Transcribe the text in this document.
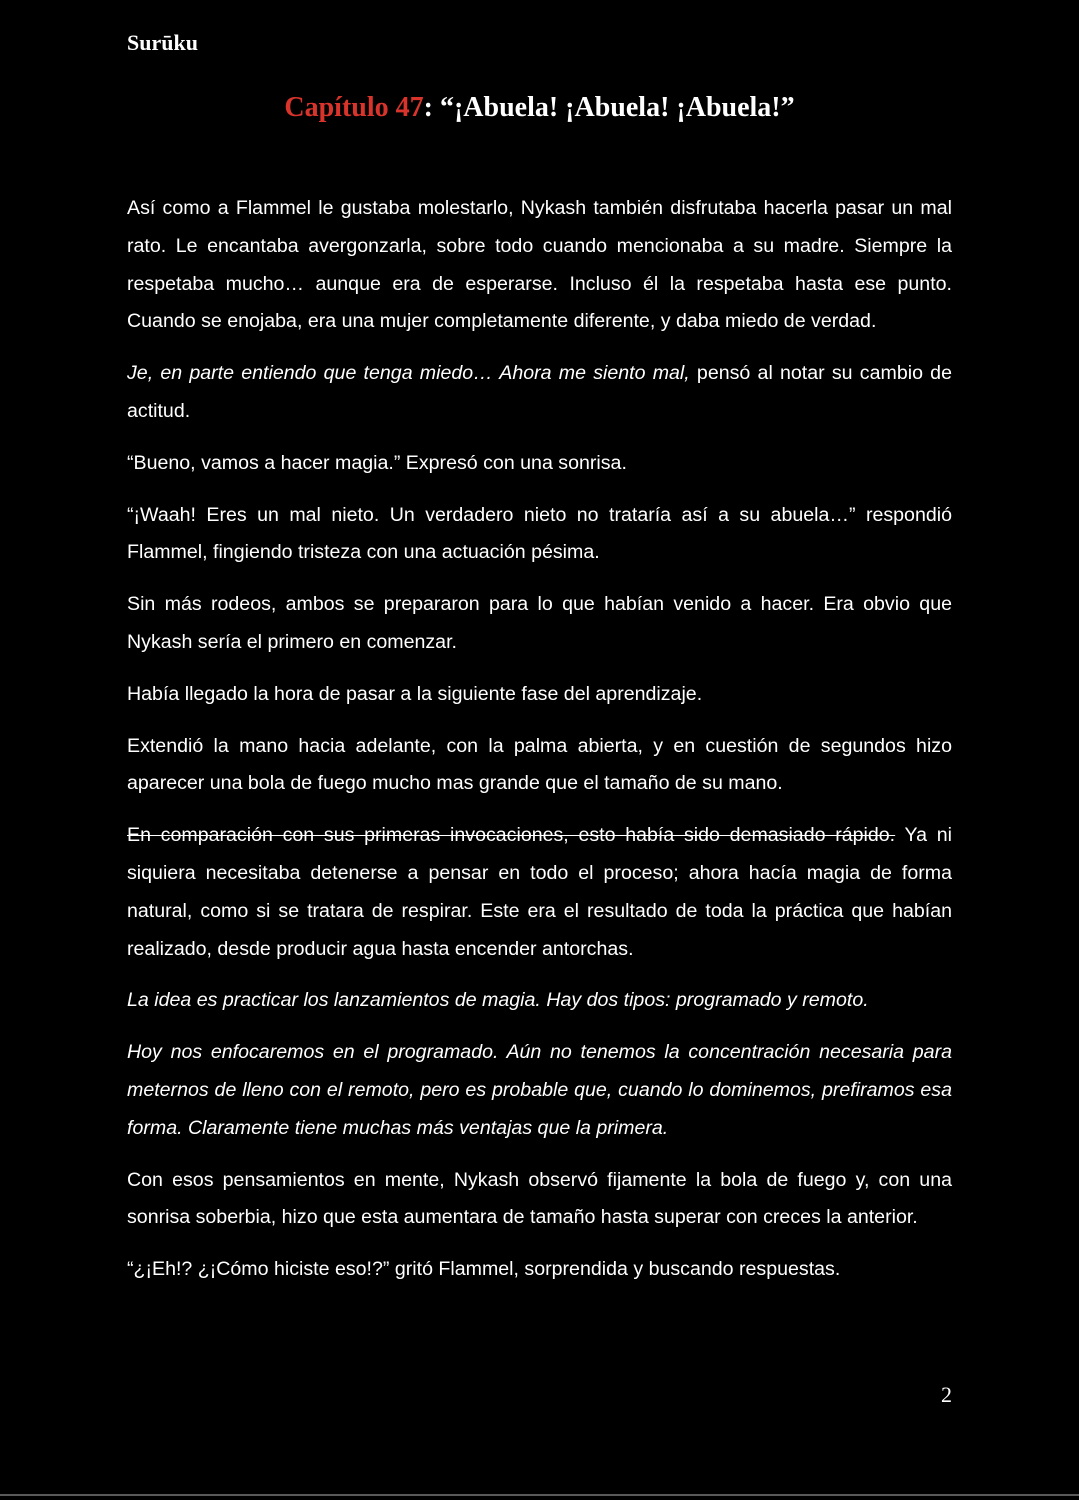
Surūku
Capítulo 47: “¡Abuela! ¡Abuela! ¡Abuela!”

Así como a Flammel le gustaba molestarlo, Nykash también disfrutaba hacerla pasar un mal rato. Le encantaba avergonzarla, sobre todo cuando mencionaba a su madre. Siempre la respetaba mucho… aunque era de esperarse. Incluso él la respetaba hasta ese punto. Cuando se enojaba, era una mujer completamente diferente, y daba miedo de verdad.

Je, en parte entiendo que tenga miedo… Ahora me siento mal, pensó al notar su cambio de actitud.

“Bueno, vamos a hacer magia.” Expresó con una sonrisa.

“¡Waah! Eres un mal nieto. Un verdadero nieto no trataría así a su abuela…” respondió Flammel, fingiendo tristeza con una actuación pésima.

Sin más rodeos, ambos se prepararon para lo que habían venido a hacer. Era obvio que Nykash sería el primero en comenzar.

Había llegado la hora de pasar a la siguiente fase del aprendizaje.

Extendió la mano hacia adelante, con la palma abierta, y en cuestión de segundos hizo aparecer una bola de fuego mucho mas grande que el tamaño de su mano.

En comparación con sus primeras invocaciones, esto había sido demasiado rápido. Ya ni siquiera necesitaba detenerse a pensar en todo el proceso; ahora hacía magia de forma natural, como si se tratara de respirar. Este era el resultado de toda la práctica que habían realizado, desde producir agua hasta encender antorchas.

La idea es practicar los lanzamientos de magia. Hay dos tipos: programado y remoto.

Hoy nos enfocaremos en el programado. Aún no tenemos la concentración necesaria para meternos de lleno con el remoto, pero es probable que, cuando lo dominemos, prefiramos esa forma. Claramente tiene muchas más ventajas que la primera.

Con esos pensamientos en mente, Nykash observó fijamente la bola de fuego y, con una sonrisa soberbia, hizo que esta aumentara de tamaño hasta superar con creces la anterior.

“¿¡Eh!? ¿¡Cómo hiciste eso!?” gritó Flammel, sorprendida y buscando respuestas.

2
